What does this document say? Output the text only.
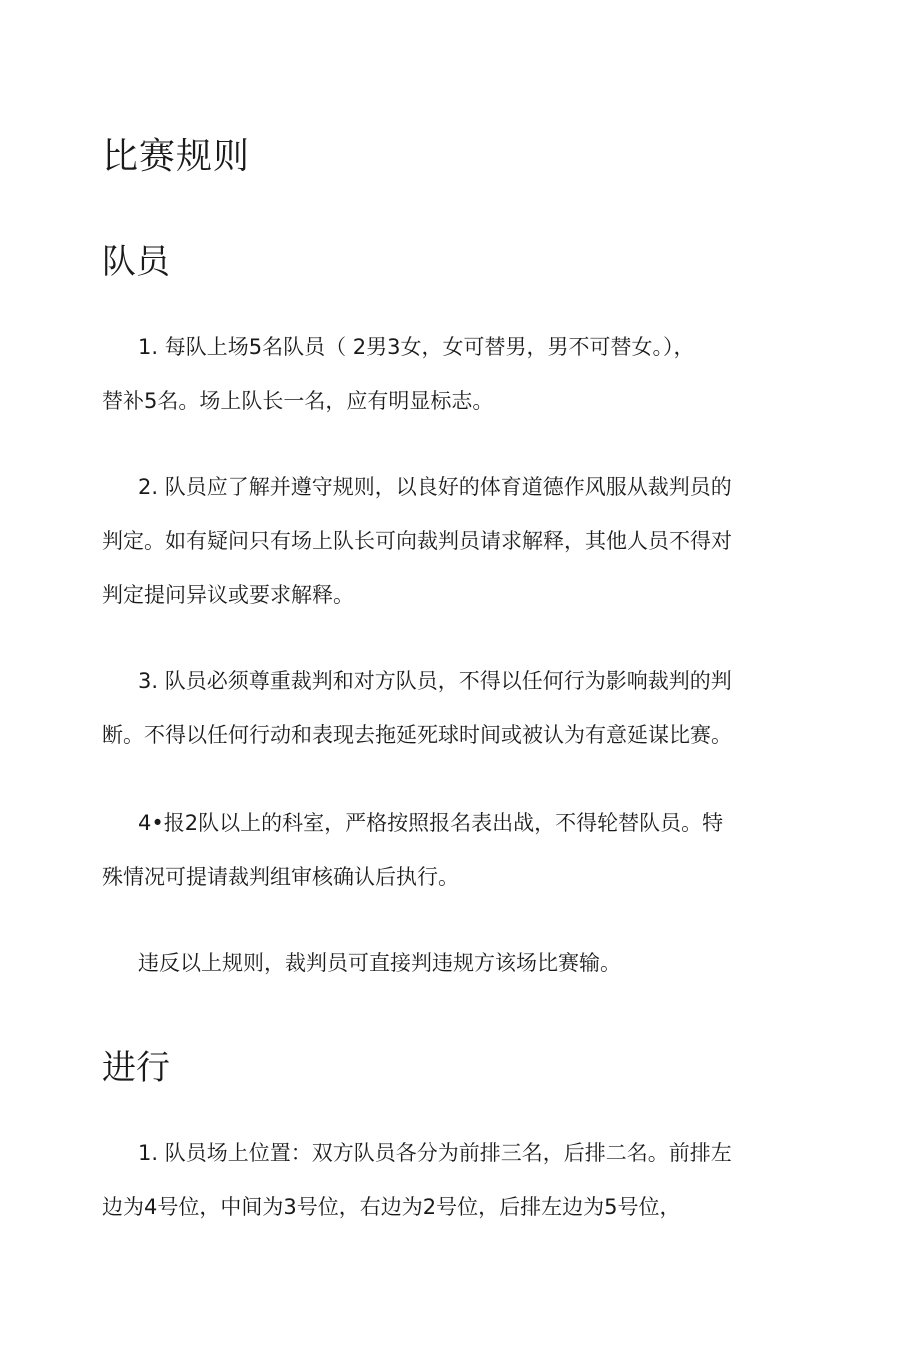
比赛规则
队员

1. 每队上场5名队员（ 2男3女，女可替男，男不可替女。），

替补5名。场上队长一名，应有明显标志。

2. 队员应了解并遵守规则，以良好的体育道德作风服从裁判员的

判定。如有疑问只有场上队长可向裁判员请求解释，其他人员不得对

判定提问异议或要求解释。

3. 队员必须尊重裁判和对方队员，不得以任何行为影响裁判的判

断。不得以任何行动和表现去拖延死球时间或被认为有意延谋比赛。

4•报2队以上的科室，严格按照报名表出战，不得轮替队员。特

殊情况可提请裁判组审核确认后执行。

违反以上规则，裁判员可直接判违规方该场比赛输。

进行

1. 队员场上位置：双方队员各分为前排三名，后排二名。前排左

边为4号位，中间为3号位，右边为2号位，后排左边为5号位，
